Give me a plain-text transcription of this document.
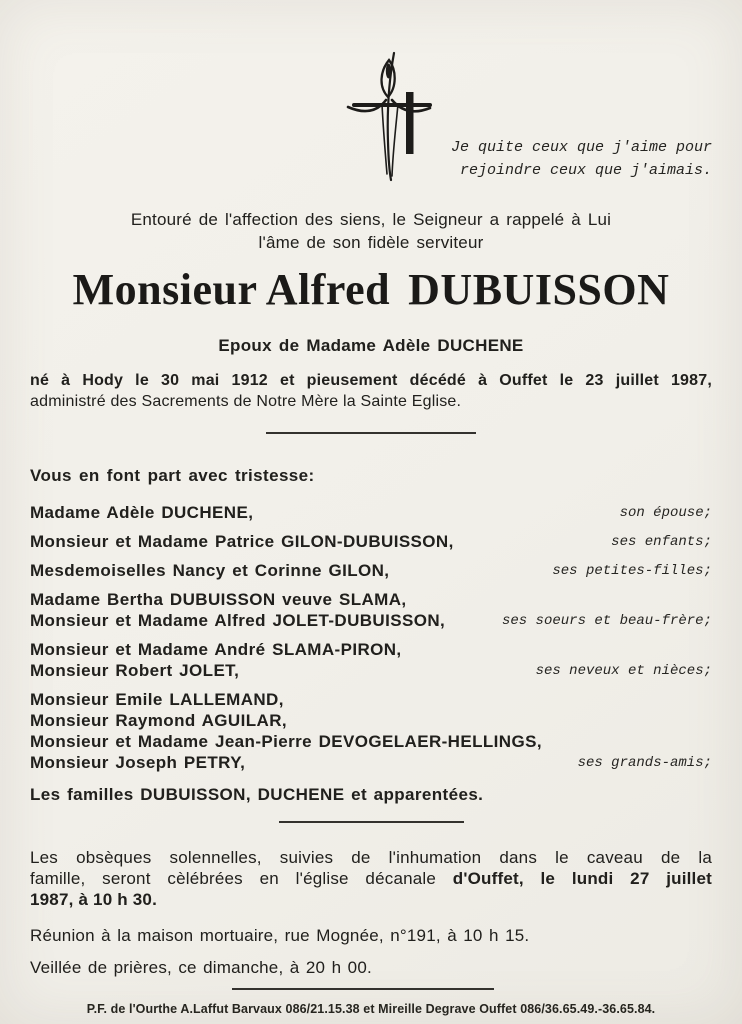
Je quite ceux que j'aime pour
rejoindre ceux que j'aimais.
Entouré de l'affection des siens, le Seigneur a rappelé à Lui
l'âme de son fidèle serviteur
Monsieur Alfred DUBUISSON
Epoux de Madame Adèle DUCHENE
né à Hody le 30 mai 1912 et pieusement décédé à Ouffet le 23 juillet 1987,
administré des Sacrements de Notre Mère la Sainte Eglise.
Vous en font part avec tristesse:
Madame Adèle DUCHENE,	son épouse;
Monsieur et Madame Patrice GILON-DUBUISSON,	ses enfants;
Mesdemoiselles Nancy et Corinne GILON,	ses petites-filles;
Madame Bertha DUBUISSON veuve SLAMA,
Monsieur et Madame Alfred JOLET-DUBUISSON,	ses soeurs et beau-frère;
Monsieur et Madame André SLAMA-PIRON,
Monsieur Robert JOLET,	ses neveux et nièces;
Monsieur Emile LALLEMAND,
Monsieur Raymond AGUILAR,
Monsieur et Madame Jean-Pierre DEVOGELAER-HELLINGS,
Monsieur Joseph PETRY,	ses grands-amis;
Les familles DUBUISSON, DUCHENE et apparentées.
Les obsèques solennelles, suivies de l'inhumation dans le caveau de la
famille, seront cèlébrées en l'église décanale d'Ouffet, le lundi 27 juillet
1987, à 10 h 30.
Réunion à la maison mortuaire, rue Mognée, n°191, à 10 h 15.
Veillée de prières, ce dimanche, à 20 h 00.
P.F. de l'Ourthe A.Laffut Barvaux 086/21.15.38 et Mireille Degrave Ouffet 086/36.65.49.-36.65.84.
